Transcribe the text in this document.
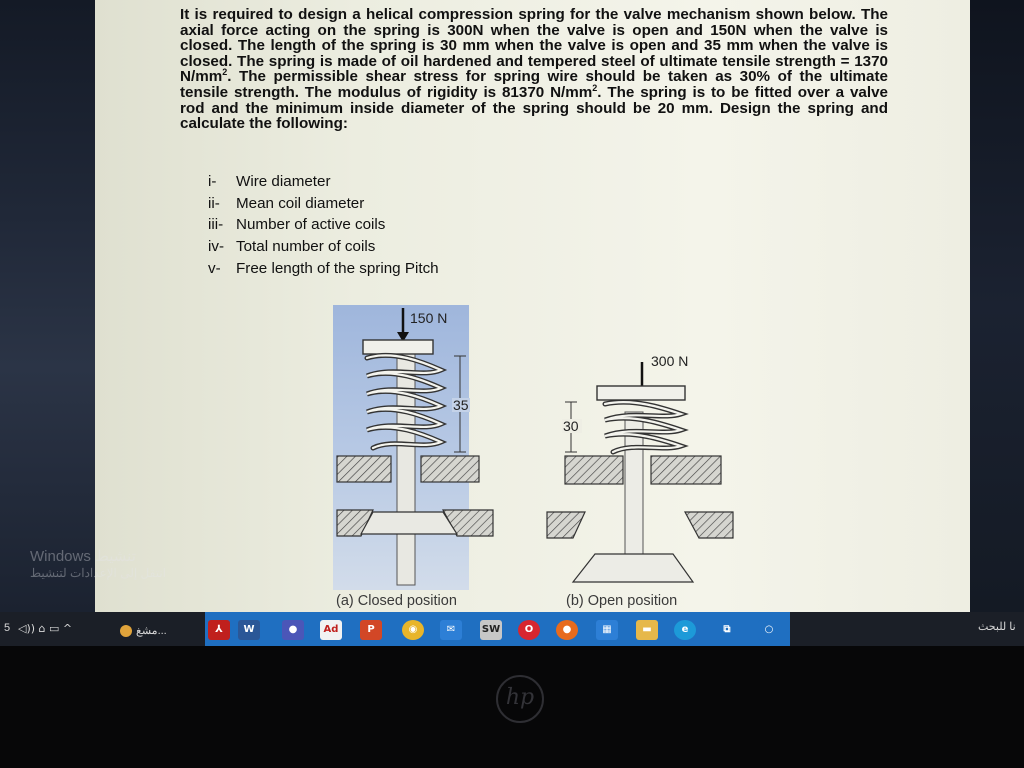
It is required to design a helical compression spring for the valve mechanism shown below. The axial force acting on the spring is 300N when the valve is open and 150N when the valve is closed. The length of the spring is 30 mm when the valve is open and 35 mm when the valve is closed. The spring is made of oil hardened and tempered steel of ultimate tensile strength = 1370 $N/mm^2$. The permissible shear stress for spring wire should be taken as 30% of the ultimate tensile strength. The modulus of rigidity is 81370 $N/mm^2$. The spring is to be fitted over a valve rod and the minimum inside diameter of the spring should be 20 mm. Design the spring and calculate the following:

i-	Wire diameter
ii-	Mean coil diameter
iii- Number of active coils
iv- Total number of coils
v-	Free length of the spring Pitch
150 N
35
300 N
30
(a) Closed position	(b) Open position
Windows تنشيط
انتقل إلى الإعدادات لتنشيط
5 ◁)) ⌂ ▭ ^	مشغ...	نا للبحث
⅄	W	●	Ad	P	◉	✉	SW	O	●	▦	▬	e	⧉	○
hp
